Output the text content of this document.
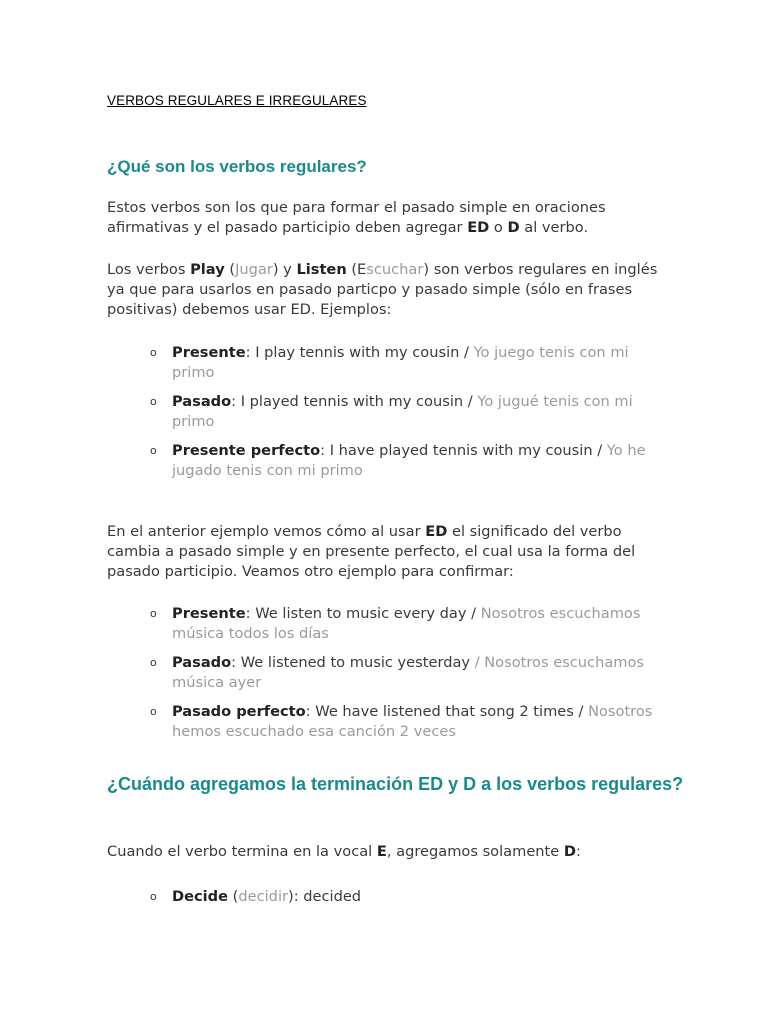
VERBOS REGULARES E IRREGULARES
¿Qué son los verbos regulares?
Estos verbos son los que para formar el pasado simple en oraciones afirmativas y el pasado participio deben agregar ED o D al verbo.
Los verbos Play (Jugar) y Listen (Escuchar) son verbos regulares en inglés ya que para usarlos en pasado particpo y pasado simple (sólo en frases positivas) debemos usar ED. Ejemplos:
o Presente: I play tennis with my cousin / Yo juego tenis con mi primo
o Pasado: I played tennis with my cousin / Yo jugué tenis con mi primo
o Presente perfecto: I have played tennis with my cousin / Yo he jugado tenis con mi primo
En el anterior ejemplo vemos cómo al usar ED el significado del verbo cambia a pasado simple y en presente perfecto, el cual usa la forma del pasado participio. Veamos otro ejemplo para confirmar:
o Presente: We listen to music every day / Nosotros escuchamos música todos los días
o Pasado: We listened to music yesterday / Nosotros escuchamos música ayer
o Pasado perfecto: We have listened that song 2 times / Nosotros hemos escuchado esa canción 2 veces
¿Cuándo agregamos la terminación ED y D a los verbos regulares?
Cuando el verbo termina en la vocal E, agregamos solamente D:
o Decide (decidir): decided
